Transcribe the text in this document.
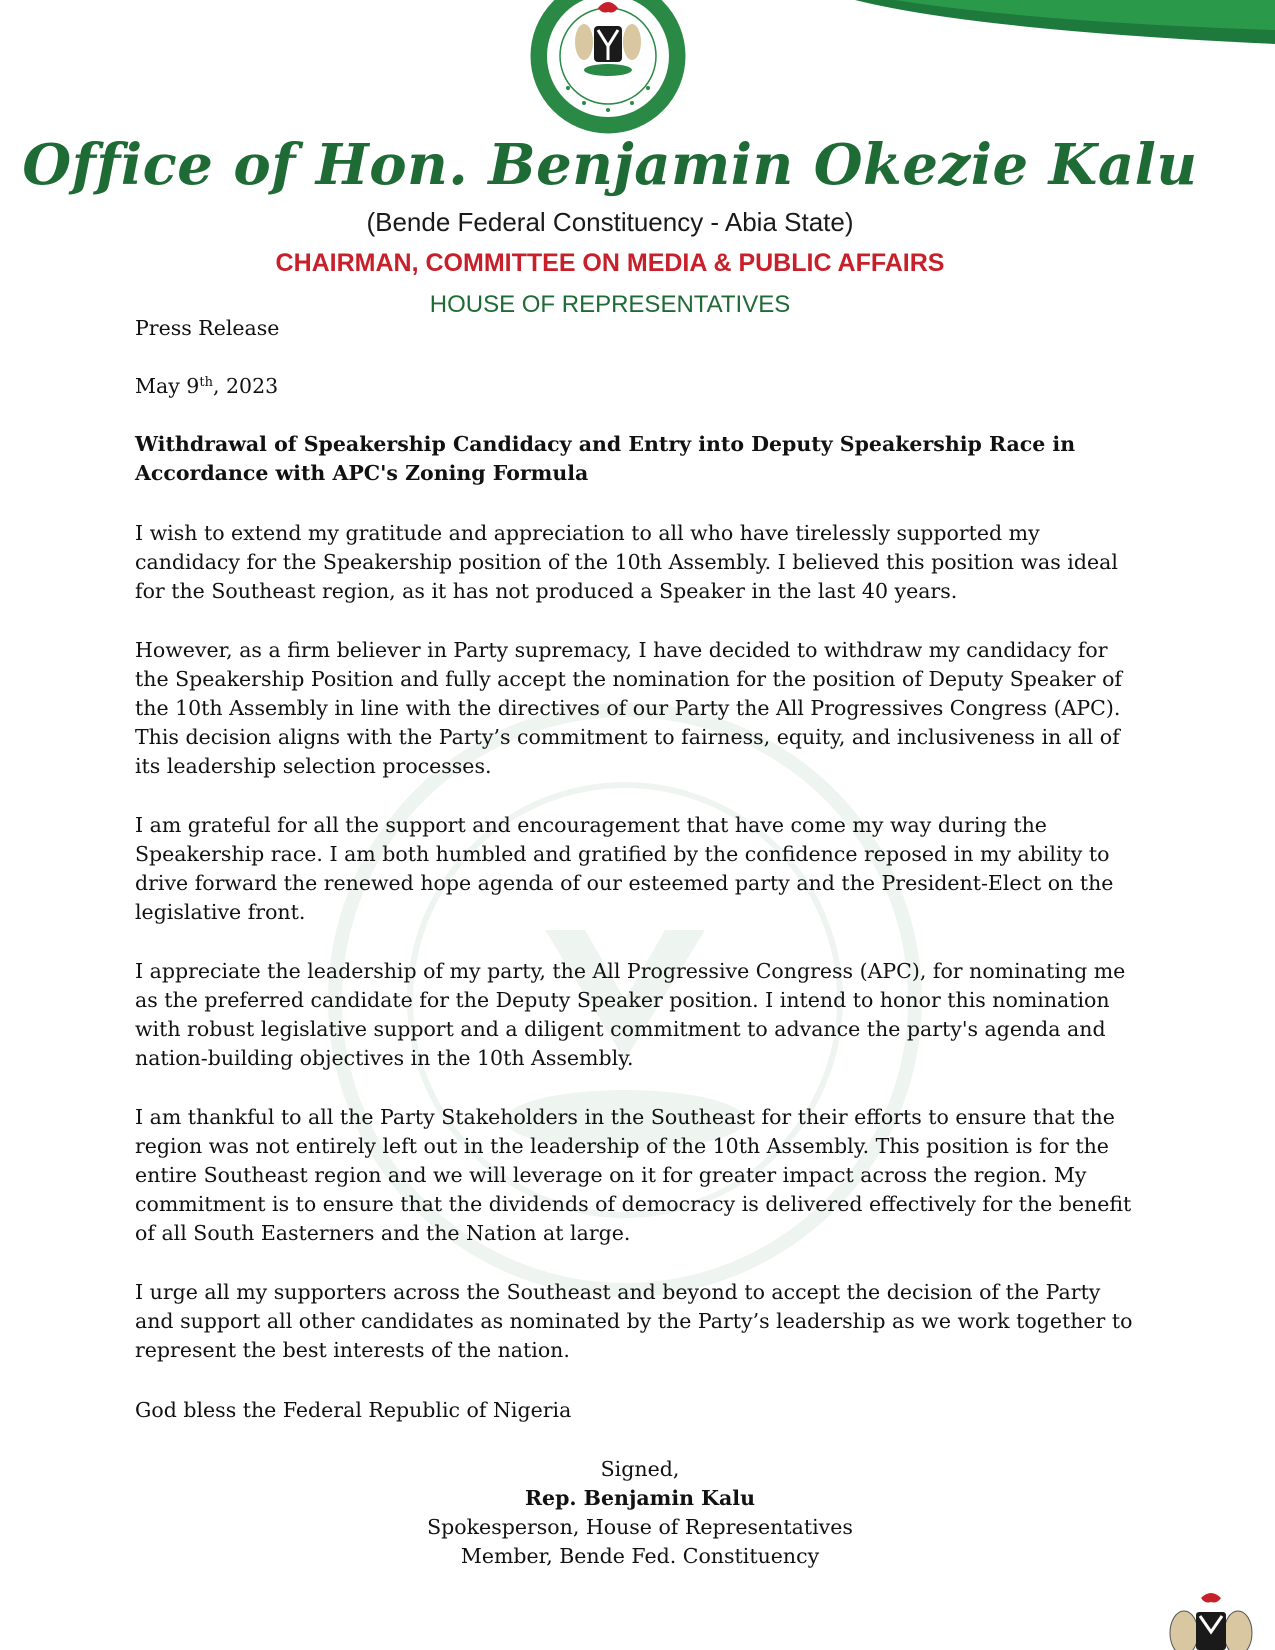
Office of Hon. Benjamin Okezie Kalu
(Bende Federal Constituency - Abia State)
CHAIRMAN, COMMITTEE ON MEDIA & PUBLIC AFFAIRS
HOUSE OF REPRESENTATIVES

Press Release

May 9th, 2023

Withdrawal of Speakership Candidacy and Entry into Deputy Speakership Race in Accordance with APC's Zoning Formula

I wish to extend my gratitude and appreciation to all who have tirelessly supported my candidacy for the Speakership position of the 10th Assembly. I believed this position was ideal for the Southeast region, as it has not produced a Speaker in the last 40 years.

However, as a firm believer in Party supremacy, I have decided to withdraw my candidacy for the Speakership Position and fully accept the nomination for the position of Deputy Speaker of the 10th Assembly in line with the directives of our Party the All Progressives Congress (APC). This decision aligns with the Party’s commitment to fairness, equity, and inclusiveness in all of its leadership selection processes.

I am grateful for all the support and encouragement that have come my way during the Speakership race. I am both humbled and gratified by the confidence reposed in my ability to drive forward the renewed hope agenda of our esteemed party and the President-Elect on the legislative front.

I appreciate the leadership of my party, the All Progressive Congress (APC), for nominating me as the preferred candidate for the Deputy Speaker position. I intend to honor this nomination with robust legislative support and a diligent commitment to advance the party's agenda and nation-building objectives in the 10th Assembly.

I am thankful to all the Party Stakeholders in the Southeast for their efforts to ensure that the region was not entirely left out in the leadership of the 10th Assembly. This position is for the entire Southeast region and we will leverage on it for greater impact across the region. My commitment is to ensure that the dividends of democracy is delivered effectively for the benefit of all South Easterners and the Nation at large.

I urge all my supporters across the Southeast and beyond to accept the decision of the Party and support all other candidates as nominated by the Party’s leadership as we work together to represent the best interests of the nation.

God bless the Federal Republic of Nigeria

Signed,
Rep. Benjamin Kalu
Spokesperson, House of Representatives
Member, Bende Fed. Constituency
